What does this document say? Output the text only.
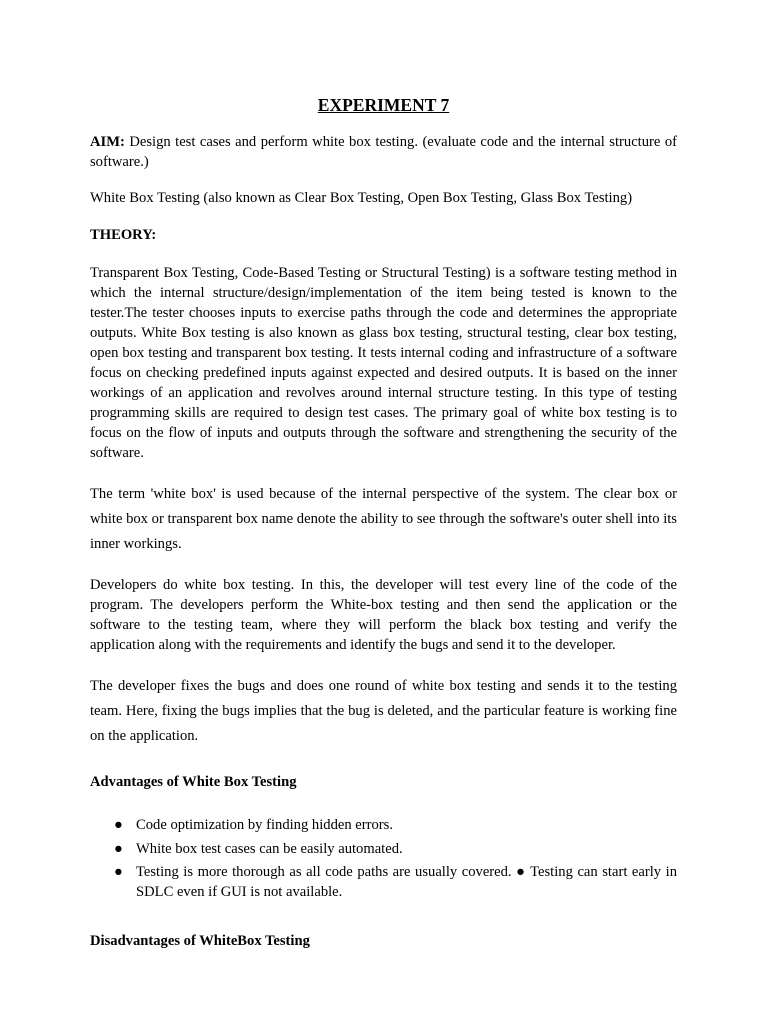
EXPERIMENT 7

AIM: Design test cases and perform white box testing. (evaluate code and the internal structure of software.)

White Box Testing (also known as Clear Box Testing, Open Box Testing, Glass Box Testing)

THEORY:

Transparent Box Testing, Code-Based Testing or Structural Testing) is a software testing method in which the internal structure/design/implementation of the item being tested is known to the tester.The tester chooses inputs to exercise paths through the code and determines the appropriate outputs. White Box testing is also known as glass box testing, structural testing, clear box testing, open box testing and transparent box testing. It tests internal coding and infrastructure of a software focus on checking predefined inputs against expected and desired outputs. It is based on the inner workings of an application and revolves around internal structure testing. In this type of testing programming skills are required to design test cases. The primary goal of white box testing is to focus on the flow of inputs and outputs through the software and strengthening the security of the software.

The term 'white box' is used because of the internal perspective of the system. The clear box or white box or transparent box name denote the ability to see through the software's outer shell into its inner workings.

Developers do white box testing. In this, the developer will test every line of the code of the program. The developers perform the White-box testing and then send the application or the software to the testing team, where they will perform the black box testing and verify the application along with the requirements and identify the bugs and send it to the developer.

The developer fixes the bugs and does one round of white box testing and sends it to the testing team. Here, fixing the bugs implies that the bug is deleted, and the particular feature is working fine on the application.

Advantages of White Box Testing

● Code optimization by finding hidden errors.
● White box test cases can be easily automated.
● Testing is more thorough as all code paths are usually covered. ● Testing can start early in SDLC even if GUI is not available.

Disadvantages of WhiteBox Testing
